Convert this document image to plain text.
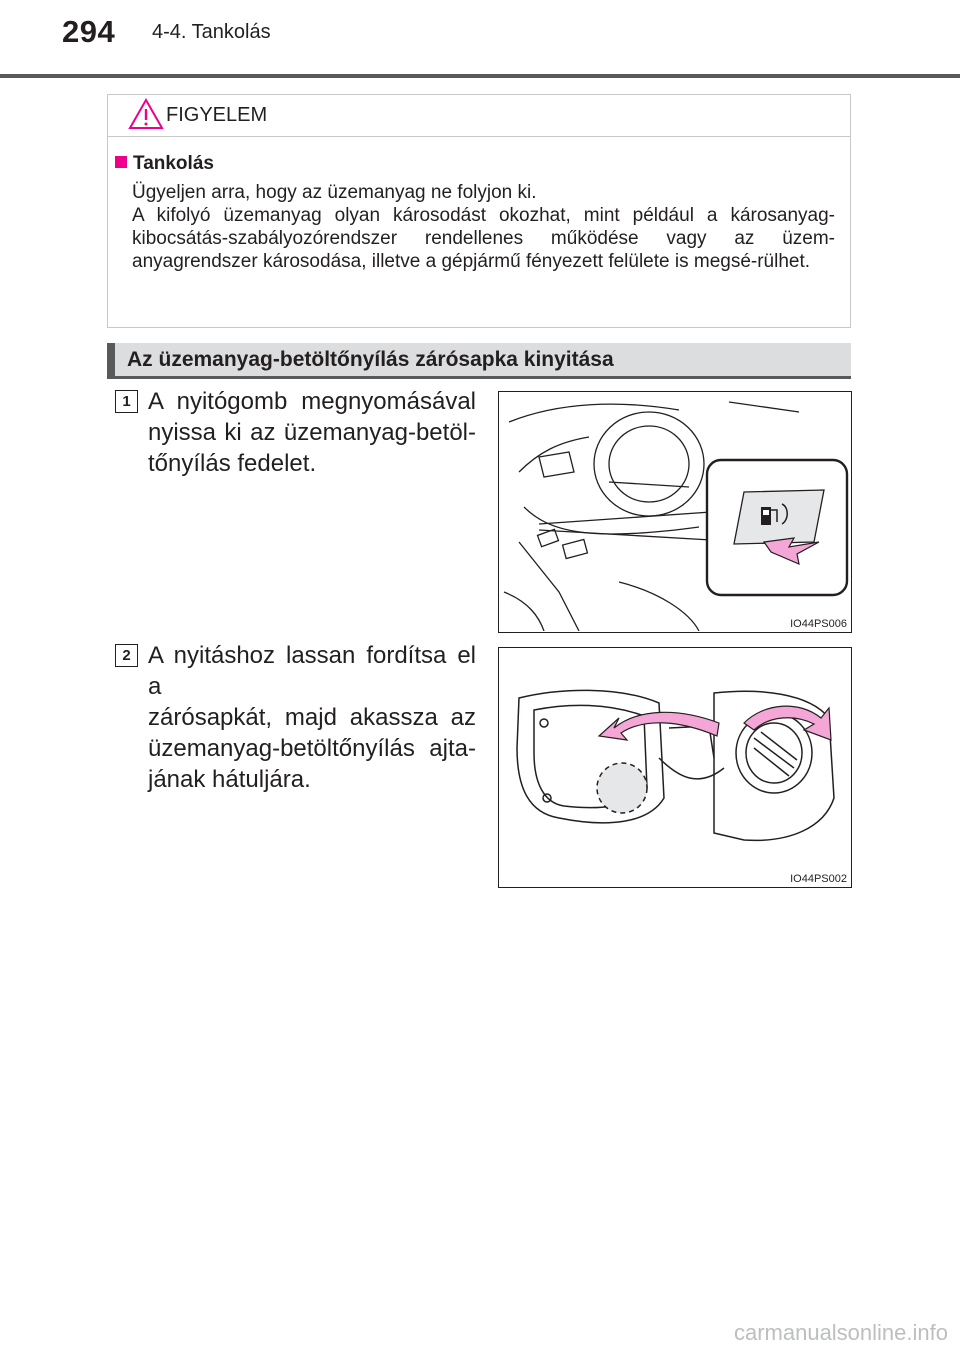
294 4-4. Tankolás
FIGYELEM
Tankolás

Ügyeljen arra, hogy az üzemanyag ne folyjon ki.

A kifolyó üzemanyag olyan károsodást okozhat, mint például a károsanyag-kibocsátás-szabályozórendszer rendellenes működése vagy az üzem-anyagrendszer károsodása, illetve a gépjármű fényezett felülete is megsé-rülhet.

Az üzemanyag-betöltőnyílás zárósapka kinyitása
1 A nyitógomb megnyomásával
nyissa ki az üzemanyag-betöl-
tőnyílás fedelet.
IO44PS006
2 A nyitáshoz lassan fordítsa el a
zárósapkát, majd akassza az
üzemanyag-betöltőnyílás ajta-
jának hátuljára.
IO44PS002
carmanualsonline.info
